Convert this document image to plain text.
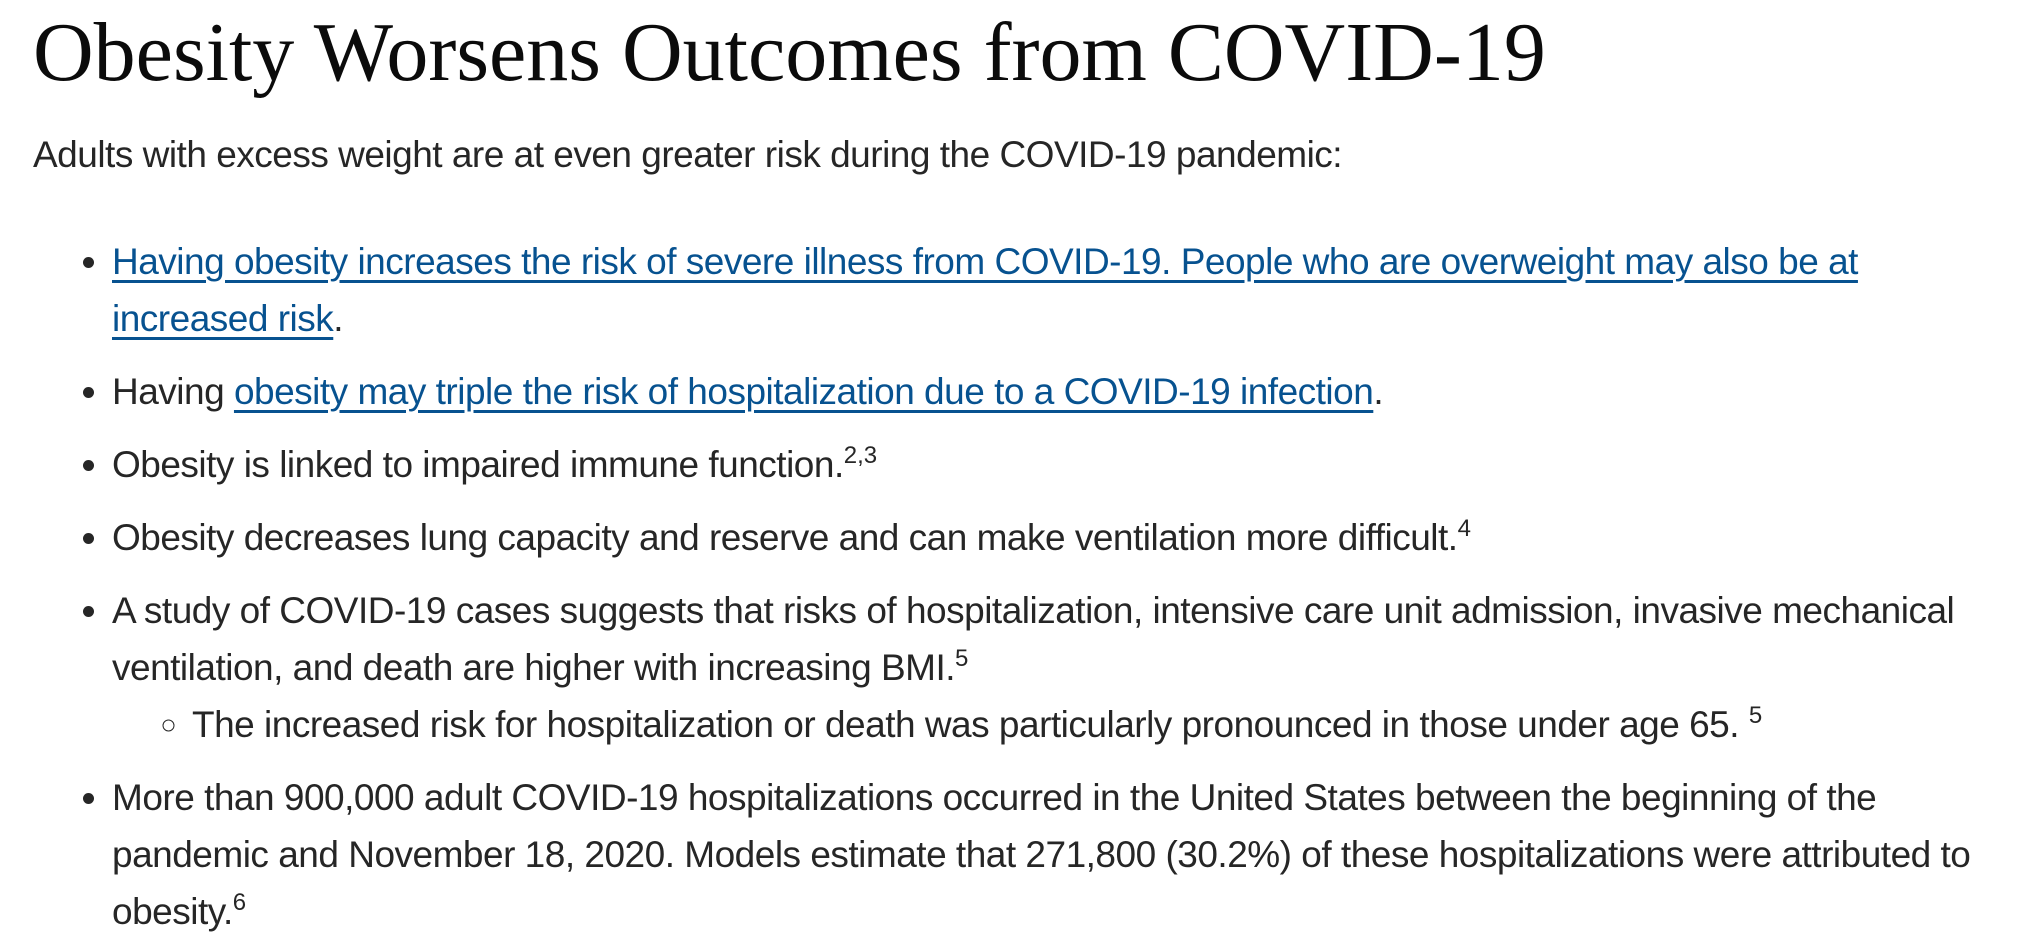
Obesity Worsens Outcomes from COVID-19

Adults with excess weight are at even greater risk during the COVID-19 pandemic:

• Having obesity increases the risk of severe illness from COVID-19. People who are overweight may also be at increased risk.
• Having obesity may triple the risk of hospitalization due to a COVID-19 infection.
• Obesity is linked to impaired immune function.$^{2,3}$
• Obesity decreases lung capacity and reserve and can make ventilation more difficult.$^4$
• A study of COVID-19 cases suggests that risks of hospitalization, intensive care unit admission, invasive mechanical ventilation, and death are higher with increasing BMI.$^5$
◦ The increased risk for hospitalization or death was particularly pronounced in those under age 65. $^5$
• More than 900,000 adult COVID-19 hospitalizations occurred in the United States between the beginning of the pandemic and November 18, 2020. Models estimate that 271,800 (30.2%) of these hospitalizations were attributed to obesity.$^6$
